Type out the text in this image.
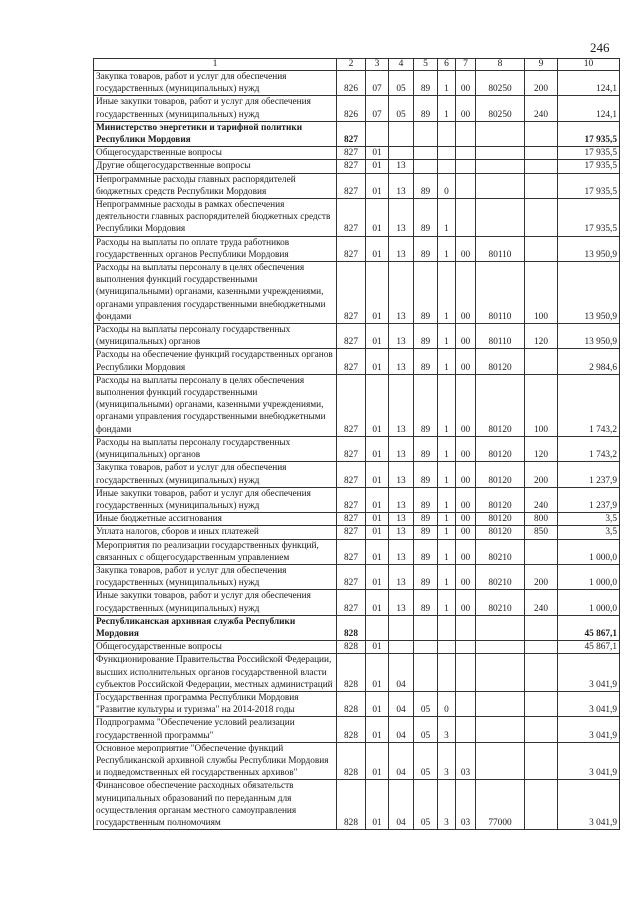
246
1	2	3	4	5	6	7	8	9	10
Закупка товаров, работ и услуг для обеспечения государственных (муниципальных) нужд	826	07	05	89	1	00	80250	200	124,1
Иные закупки товаров, работ и услуг для обеспечения государственных (муниципальных) нужд	826	07	05	89	1	00	80250	240	124,1
Министерство энергетики и тарифной политики Республики Мордовия	827								17 935,5
Общегосударственные вопросы	827	01							17 935,5
Другие общегосударственные вопросы	827	01	13						17 935,5
Непрограммные расходы главных распорядителей бюджетных средств Республики Мордовия	827	01	13	89	0				17 935,5
Непрограммные расходы в рамках обеспечения деятельности главных распорядителей бюджетных средств Республики Мордовия	827	01	13	89	1				17 935,5
Расходы на выплаты по оплате труда работников государственных органов Республики Мордовия	827	01	13	89	1	00	80110		13 950,9
Расходы на выплаты персоналу в целях обеспечения выполнения функций государственными (муниципальными) органами, казенными учреждениями, органами управления государственными внебюджетными фондами	827	01	13	89	1	00	80110	100	13 950,9
Расходы на выплаты персоналу государственных (муниципальных) органов	827	01	13	89	1	00	80110	120	13 950,9
Расходы на обеспечение функций государственных органов Республики Мордовия	827	01	13	89	1	00	80120		2 984,6
Расходы на выплаты персоналу в целях обеспечения выполнения функций государственными (муниципальными) органами, казенными учреждениями, органами управления государственными внебюджетными фондами	827	01	13	89	1	00	80120	100	1 743,2
Расходы на выплаты персоналу государственных (муниципальных) органов	827	01	13	89	1	00	80120	120	1 743,2
Закупка товаров, работ и услуг для обеспечения государственных (муниципальных) нужд	827	01	13	89	1	00	80120	200	1 237,9
Иные закупки товаров, работ и услуг для обеспечения государственных (муниципальных) нужд	827	01	13	89	1	00	80120	240	1 237,9
Иные бюджетные ассигнования	827	01	13	89	1	00	80120	800	3,5
Уплата налогов, сборов и иных платежей	827	01	13	89	1	00	80120	850	3,5
Мероприятия по реализации государственных функций, связанных с общегосударственным управлением	827	01	13	89	1	00	80210		1 000,0
Закупка товаров, работ и услуг для обеспечения государственных (муниципальных) нужд	827	01	13	89	1	00	80210	200	1 000,0
Иные закупки товаров, работ и услуг для обеспечения государственных (муниципальных) нужд	827	01	13	89	1	00	80210	240	1 000,0
Республиканская архивная служба Республики Мордовия	828								45 867,1
Общегосударственные вопросы	828	01							45 867,1
Функционирование Правительства Российской Федерации, высших исполнительных органов государственной власти субъектов Российской Федерации, местных администраций	828	01	04						3 041,9
Государственная программа Республики Мордовия "Развитие культуры и туризма" на 2014-2018 годы	828	01	04	05	0				3 041,9
Подпрограмма "Обеспечение условий реализации государственной программы"	828	01	04	05	3				3 041,9
Основное мероприятие "Обеспечение функций Республиканской архивной службы Республики Мордовия и подведомственных ей государственных архивов"	828	01	04	05	3	03			3 041,9
Финансовое обеспечение расходных обязательств муниципальных образований по переданным для осуществления органам местного самоуправления государственным полномочиям	828	01	04	05	3	03	77000		3 041,9
